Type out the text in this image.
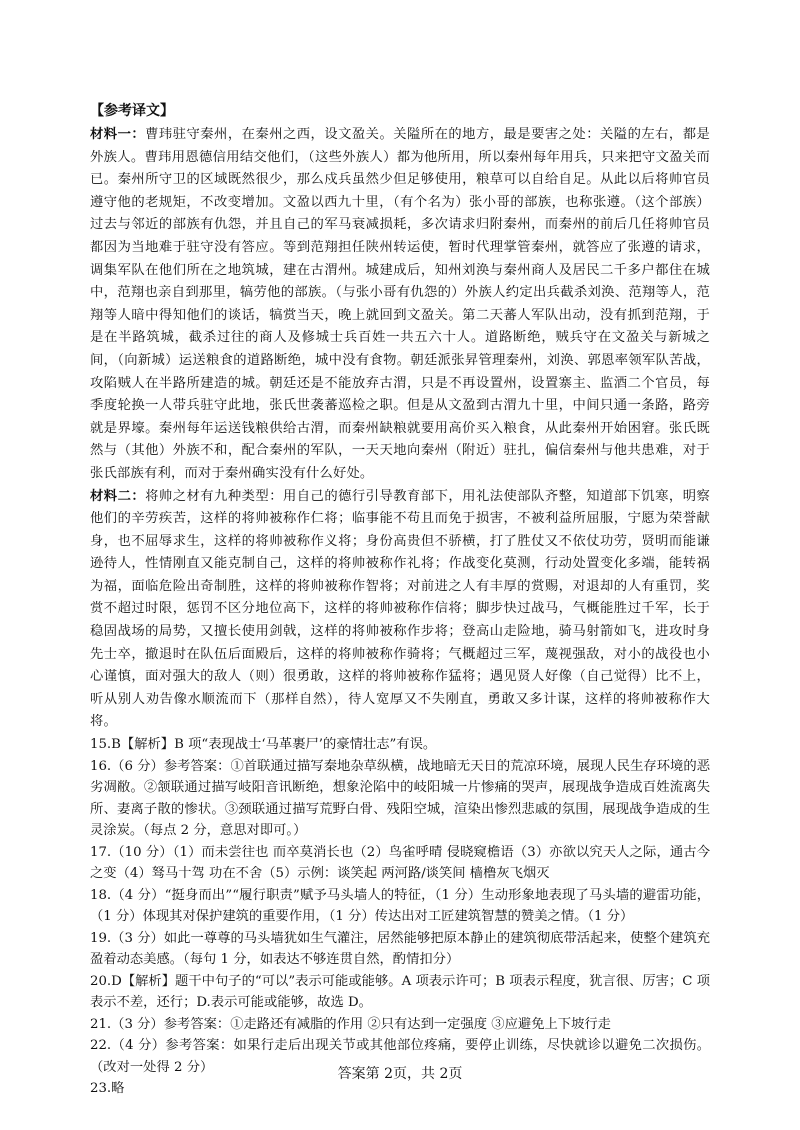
【参考译文】
材料一：曹玮驻守秦州，在秦州之西，设文盈关。关隘所在的地方，最是要害之处：关隘的左右，都是外族人。曹玮用恩德信用结交他们，（这些外族人）都为他所用，所以秦州每年用兵，只来把守文盈关而已。秦州所守卫的区域既然很少，那么戍兵虽然少但足够使用，粮草可以自给自足。从此以后将帅官员遵守他的老规矩，不改变增加。文盈以西九十里，（有个名为）张小哥的部族，也称张遵。（这个部族）过去与邻近的部族有仇怨，并且自己的军马衰减损耗，多次请求归附秦州，而秦州的前后几任将帅官员都因为当地难于驻守没有答应。等到范翔担任陕州转运使，暂时代理掌管秦州，就答应了张遵的请求，调集军队在他们所在之地筑城，建在古渭州。城建成后，知州刘涣与秦州商人及居民二千多户都住在城中，范翔也亲自到那里，犒劳他的部族。（与张小哥有仇怨的）外族人约定出兵截杀刘涣、范翔等人，范翔等人暗中得知他们的谈话，犒赏当天，晚上就回到文盈关。第二天蕃人军队出动，没有抓到范翔，于是在半路筑城，截杀过往的商人及修城士兵百姓一共五六十人。道路断绝，贼兵守在文盈关与新城之间，（向新城）运送粮食的道路断绝，城中没有食物。朝廷派张昇管理秦州，刘涣、郭恩率领军队苦战，攻陷贼人在半路所建造的城。朝廷还是不能放弃古渭，只是不再设置州，设置寨主、监酒二个官员，每季度轮换一人带兵驻守此地，张氏世袭蕃巡检之职。但是从文盈到古渭九十里，中间只通一条路，路旁就是界壕。秦州每年运送钱粮供给古渭，而秦州缺粮就要用高价买入粮食，从此秦州开始困窘。张氏既然与（其他）外族不和，配合秦州的军队，一天天地向秦州（附近）驻扎，偏信秦州与他共患难，对于张氏部族有利，而对于秦州确实没有什么好处。
材料二：将帅之材有九种类型：用自己的德行引导教育部下，用礼法使部队齐整，知道部下饥寒，明察他们的辛劳疾苦，这样的将帅被称作仁将；临事能不苟且而免于损害，不被利益所屈服，宁愿为荣誉献身，也不屈辱求生，这样的将帅被称作义将；身份高贵但不骄横，打了胜仗又不依仗功劳，贤明而能谦逊待人，性情刚直又能克制自己，这样的将帅被称作礼将；作战变化莫测，行动处置变化多端，能转祸为福，面临危险出奇制胜，这样的将帅被称作智将；对前进之人有丰厚的赏赐，对退却的人有重罚，奖赏不超过时限，惩罚不区分地位高下，这样的将帅被称作信将；脚步快过战马，气概能胜过千军，长于稳固战场的局势，又擅长使用剑戟，这样的将帅被称作步将；登高山走险地，骑马射箭如飞，进攻时身先士卒，撤退时在队伍后面殿后，这样的将帅被称作骑将；气概超过三军，蔑视强敌，对小的战役也小心谨慎，面对强大的敌人（则）很勇敢，这样的将帅被称作猛将；遇见贤人好像（自己觉得）比不上，听从别人劝告像水顺流而下（那样自然），待人宽厚又不失刚直，勇敢又多计谋，这样的将帅被称作大将。
15.B【解析】B 项“表现战士‘马革裹尸’的豪情壮志”有误。
16.（6 分）参考答案：①首联通过描写秦地杂草纵横，战地暗无天日的荒凉环境，展现人民生存环境的恶劣凋敝。②颔联通过描写岐阳音讯断绝，想象沦陷中的岐阳城一片惨痛的哭声，展现战争造成百姓流离失所、妻离子散的惨状。③颈联通过描写荒野白骨、残阳空城，渲染出惨烈悲戚的氛围，展现战争造成的生灵涂炭。（每点 2 分，意思对即可。）
17.（10 分）（1）而未尝往也 而卒莫消长也（2）鸟雀呼晴 侵晓窥檐语（3）亦欲以究天人之际，通古今之变（4）驽马十驾 功在不舍（5）示例：谈笑起 两河路/谈笑间 樯橹灰飞烟灭
18.（4 分）“挺身而出”“履行职责”赋予马头墙人的特征，（1 分）生动形象地表现了马头墙的避雷功能，（1 分）体现其对保护建筑的重要作用，（1 分）传达出对工匠建筑智慧的赞美之情。（1 分）
19.（3 分）如此一尊尊的马头墙犹如生气灌注，居然能够把原本静止的建筑彻底带活起来，使整个建筑充盈着动态美感。（每句 1 分，如表达不够连贯自然，酌情扣分）
20.D【解析】题干中句子的“可以”表示可能或能够。A 项表示许可；B 项表示程度，犹言很、厉害；C 项表示不差，还行；D.表示可能或能够，故选 D。
21.（3 分）参考答案：①走路还有减脂的作用 ②只有达到一定强度 ③应避免上下坡行走
22.（4 分）参考答案：如果行走后出现关节或其他部位疼痛，要停止训练，尽快就诊以避免二次损伤。（改对一处得 2 分）
23.略
答案第 2页，共 2页
